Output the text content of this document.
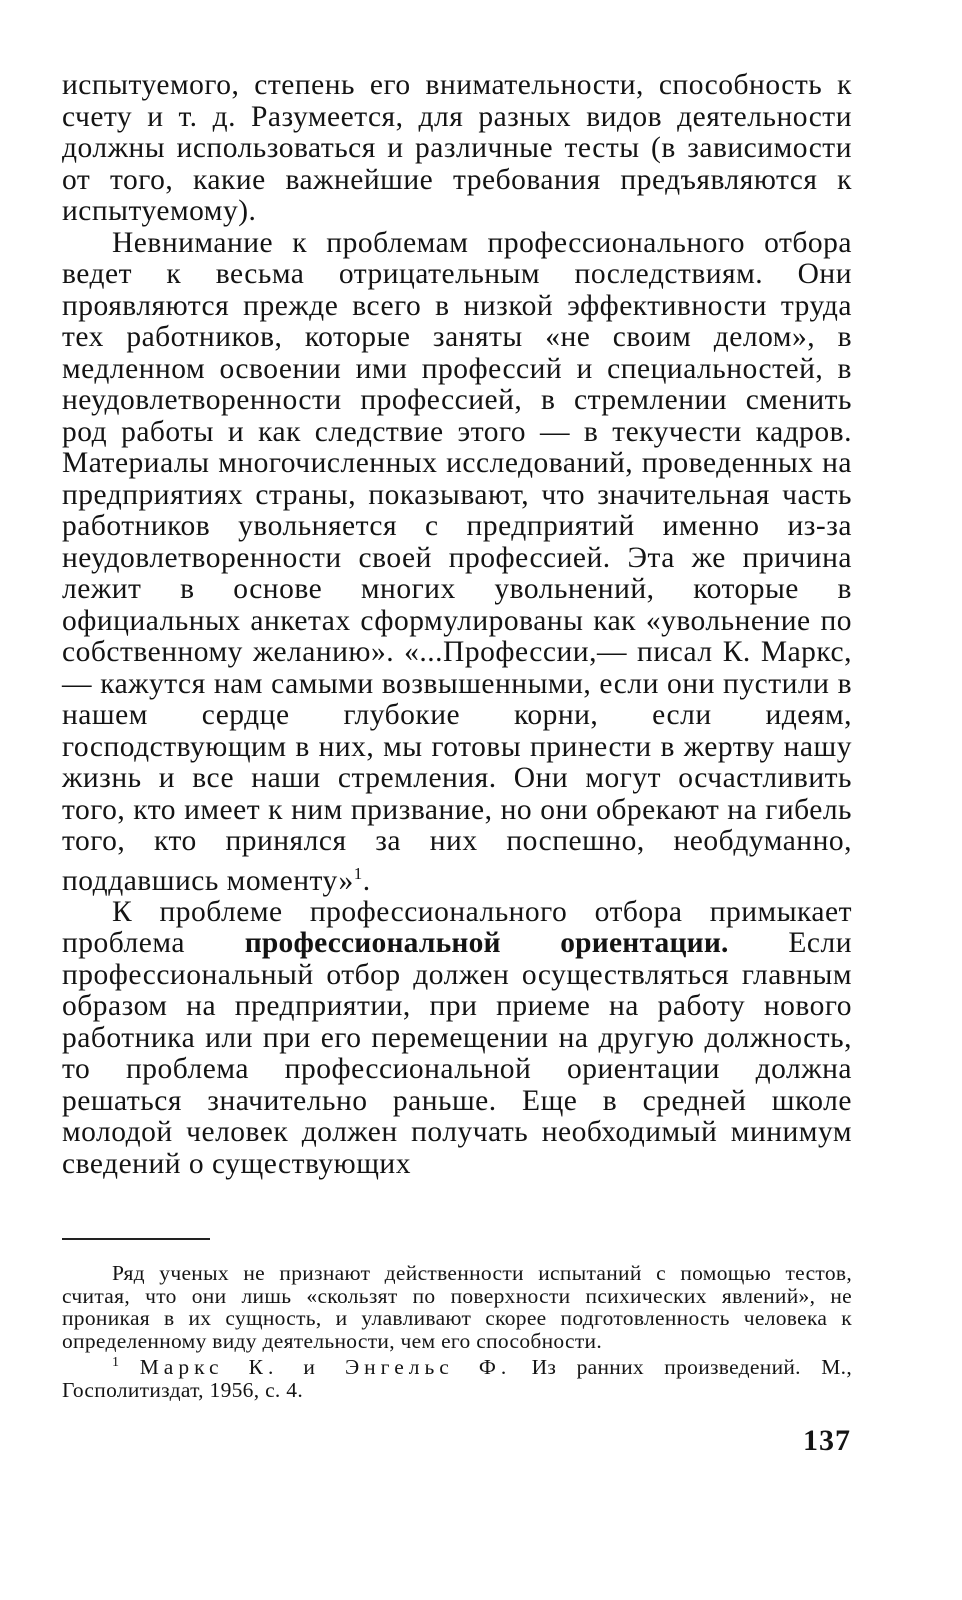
испытуемого, степень его внимательности, способность к счету и т. д. Разумеется, для разных видов деятельности должны использоваться и различные тесты (в зависимости от того, какие важнейшие требования предъявляются к испытуемому).

Невнимание к проблемам профессионального отбора ведет к весьма отрицательным последствиям. Они проявляются прежде всего в низкой эффективности труда тех работников, которые заняты «не своим делом», в медленном освоении ими профессий и специальностей, в неудовлетворенности профессией, в стремлении сменить род работы и как следствие этого — в текучести кадров. Материалы многочисленных исследований, проведенных на предприятиях страны, показывают, что значительная часть работников увольняется с предприятий именно из-за неудовлетворенности своей профессией. Эта же причина лежит в основе многих увольнений, которые в официальных анкетах сформулированы как «увольнение по собственному желанию». «...Профессии,— писал К. Маркс,— кажутся нам самыми возвышенными, если они пустили в нашем сердце глубокие корни, если идеям, господствующим в них, мы готовы принести в жертву нашу жизнь и все наши стремления. Они могут осчастливить того, кто имеет к ним призвание, но они обрекают на гибель того, кто принялся за них поспешно, необдуманно, поддавшись моменту»$^1$.

К проблеме профессионального отбора примыкает проблема профессиональной ориентации. Если профессиональный отбор должен осуществляться главным образом на предприятии, при приеме на работу нового работника или при его перемещении на другую должность, то проблема профессиональной ориентации должна решаться значительно раньше. Еще в средней школе молодой человек должен получать необходимый минимум сведений о существующих

Ряд ученых не признают действенности испытаний с помощью тестов, считая, что они лишь «скользят по поверхности психических явлений», не проникая в их сущность, и улавливают скорее подготовленность человека к определенному виду деятельности, чем его способности.

$^1$ Маркс К. и Энгельс Ф. Из ранних произведений. М., Госполитиздат, 1956, с. 4.

137
